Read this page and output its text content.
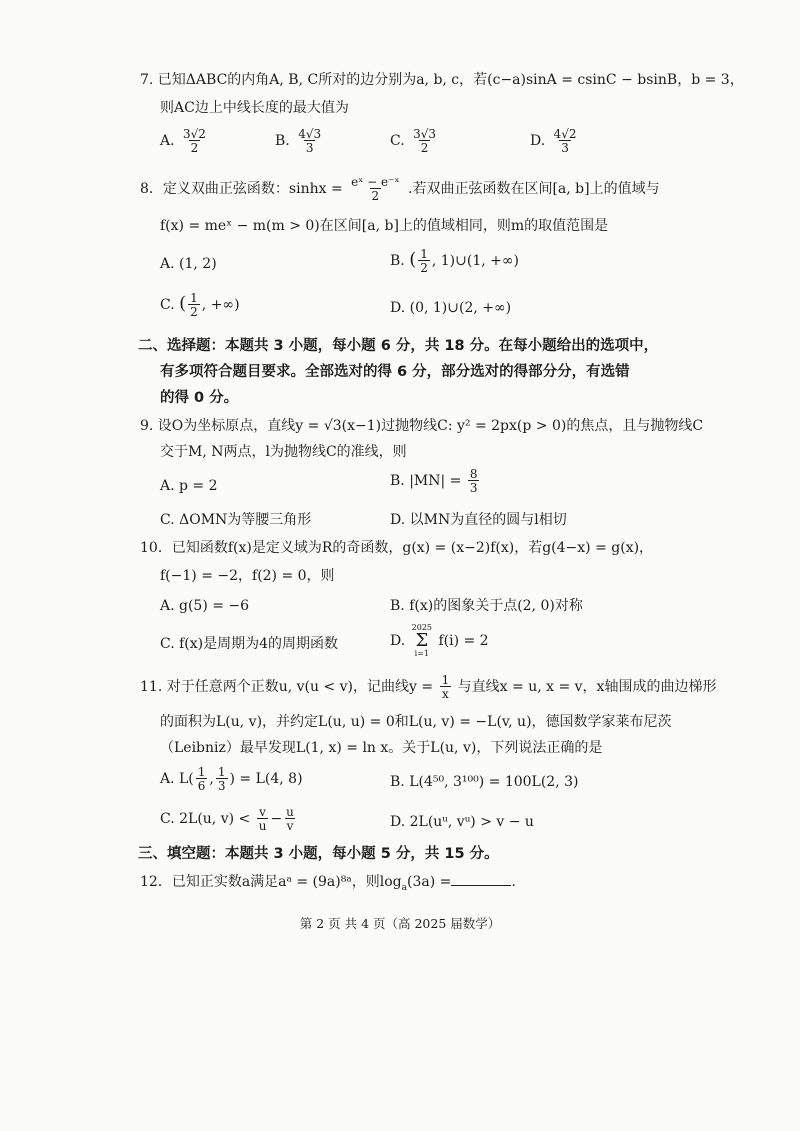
7. 已知ΔABC的内角A, B, C所对的边分别为a, b, c，若(c−a)sinA = csinC − bsinB，b = 3，
则AC边上中线长度的最大值为
A. $\frac{3√2}{2}$	B. $\frac{4√3}{3}$	C. $\frac{3√3}{2}$	D. $\frac{4√2}{3}$
8．定义双曲正弦函数：$\sinh x = \frac{\text{eˣ − e⁻ˣ}}{2}$ .若双曲正弦函数在区间[a, b]上的值域与
f(x) = meˣ − m(m > 0)在区间[a, b]上的值域相同，则m的取值范围是
A. (1, 2)	B. ( $\frac{1}{2}$ , 1)∪(1, +∞)
C. ( $\frac{1}{2}$ , +∞)	D. (0, 1)∪(2, +∞)
二、选择题：本题共 3 小题，每小题 6 分，共 18 分。在每小题给出的选项中，
有多项符合题目要求。全部选对的得 6 分，部分选对的得部分分，有选错
的得 0 分。
9. 设O为坐标原点，直线y = √3(x−1)过抛物线C: y² = 2px(p > 0)的焦点，且与抛物线C
交于M, N两点，l为抛物线C的准线，则
A. p = 2	B. $|MN| = \frac{8}{3}$
C. ΔOMN为等腰三角形	D. 以MN为直径的圆与l相切
10．已知函数f(x)是定义域为R的奇函数，g(x) = (x−2)f(x)，若g(4−x) = g(x)，
f(−1) = −2，f(2) = 0，则
A. g(5) = −6	B. f(x)的图象关于点(2, 0)对称
C. f(x)是周期为4的周期函数	D.
2025
Σ
i=1
f(i) = 2
11. 对于任意两个正数u, v(u < v)，记曲线$y = \frac{1}{x}$ 与直线x = u, x = v，x轴围成的曲边梯形
的面积为L(u, v)，并约定L(u, u) = 0和L(u, v) = −L(v, u)，德国数学家莱布尼茨
（Leibniz）最早发现L(1, x) = ln x。关于L(u, v)，下列说法正确的是
A. $L( \frac{1}{6}$ , $\frac{1}{3}$ ) = L(4, 8)	B. L(4⁵⁰, 3¹⁰⁰) = 100L(2, 3)
C. 2L(u, $v) < \frac{v}{u} - \frac{u}{v}$	D. 2L(uᵘ, vᵘ) > v − u
三、填空题：本题共 3 小题，每小题 5 分，共 15 分。
12．已知正实数a满足aᵃ = (9a)⁸ᵃ，则$\log_a(3a)$ =	.
第 2 页 共 4 页（高 2025 届数学）
